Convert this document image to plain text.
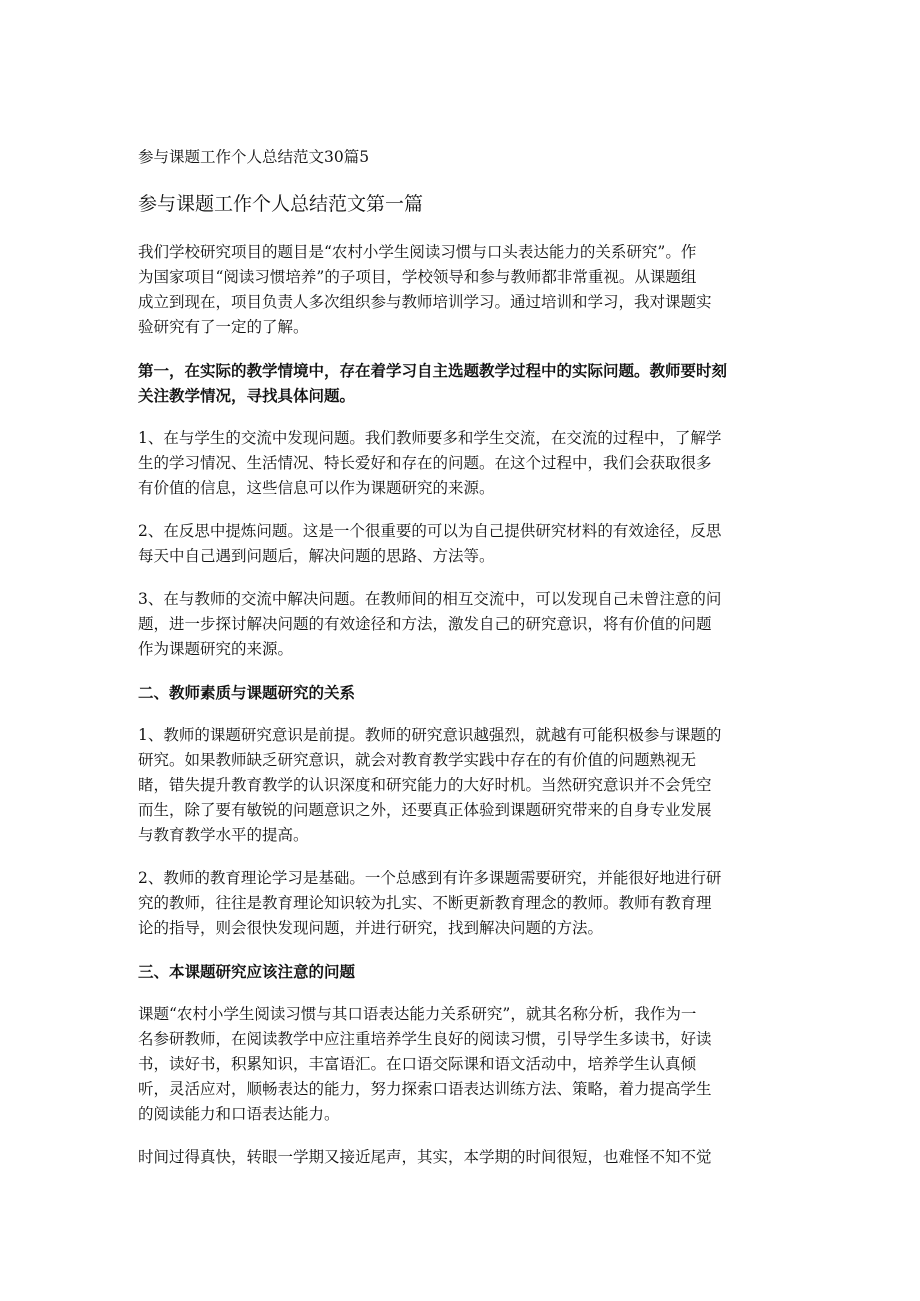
参与课题工作个人总结范文30篇5
参与课题工作个人总结范文第一篇

我们学校研究项目的题目是“农村小学生阅读习惯与口头表达能力的关系研究”。作
为国家项目“阅读习惯培养”的子项目，学校领导和参与教师都非常重视。从课题组
成立到现在，项目负责人多次组织参与教师培训学习。通过培训和学习，我对课题实
验研究有了一定的了解。

第一，在实际的教学情境中，存在着学习自主选题教学过程中的实际问题。教师要时刻
关注教学情况，寻找具体问题。

1、在与学生的交流中发现问题。我们教师要多和学生交流，在交流的过程中，了解学
生的学习情况、生活情况、特长爱好和存在的问题。在这个过程中，我们会获取很多
有价值的信息，这些信息可以作为课题研究的来源。

2、在反思中提炼问题。这是一个很重要的可以为自己提供研究材料的有效途径，反思
每天中自己遇到问题后，解决问题的思路、方法等。

3、在与教师的交流中解决问题。在教师间的相互交流中，可以发现自己未曾注意的问
题，进一步探讨解决问题的有效途径和方法，激发自己的研究意识，将有价值的问题
作为课题研究的来源。

二、教师素质与课题研究的关系

1、教师的课题研究意识是前提。教师的研究意识越强烈，就越有可能积极参与课题的
研究。如果教师缺乏研究意识，就会对教育教学实践中存在的有价值的问题熟视无
睹，错失提升教育教学的认识深度和研究能力的大好时机。当然研究意识并不会凭空
而生，除了要有敏锐的问题意识之外，还要真正体验到课题研究带来的自身专业发展
与教育教学水平的提高。

2、教师的教育理论学习是基础。一个总感到有许多课题需要研究，并能很好地进行研
究的教师，往往是教育理论知识较为扎实、不断更新教育理念的教师。教师有教育理
论的指导，则会很快发现问题，并进行研究，找到解决问题的方法。

三、本课题研究应该注意的问题

课题“农村小学生阅读习惯与其口语表达能力关系研究”，就其名称分析，我作为一
名参研教师，在阅读教学中应注重培养学生良好的阅读习惯，引导学生多读书，好读
书，读好书，积累知识，丰富语汇。在口语交际课和语文活动中，培养学生认真倾
听，灵活应对，顺畅表达的能力，努力探索口语表达训练方法、策略，着力提高学生
的阅读能力和口语表达能力。

时间过得真快，转眼一学期又接近尾声，其实，本学期的时间很短，也难怪不知不觉
